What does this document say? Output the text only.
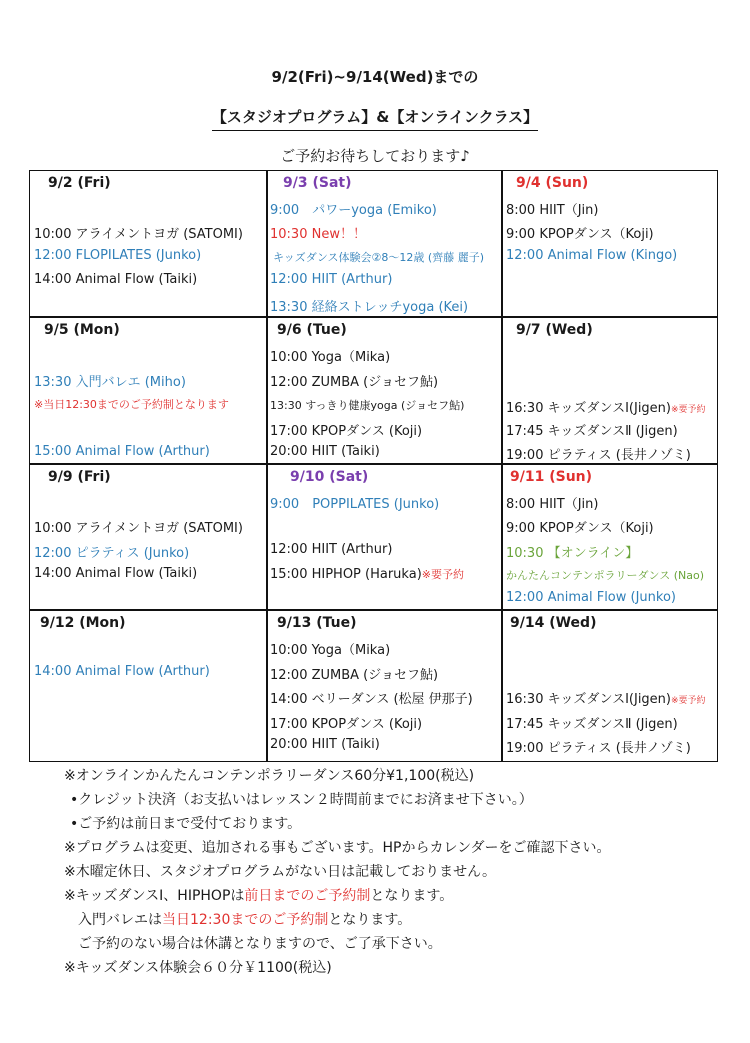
9/2(Fri)~9/14(Wed)までの
【スタジオプログラム】&【オンラインクラス】
ご予約お待ちしております♪
9/2 (Fri)
10:00 アライメントヨガ (SATOMI)
12:00 FLOPILATES (Junko)
14:00 Animal Flow (Taiki)
9/3 (Sat)
9:00　パワーyoga (Emiko)
10:30 New！！
キッズダンス体験会②8～12歳 (齊藤 麗子)
12:00 HIIT (Arthur)
13:30 経絡ストレッチyoga (Kei)
9/4 (Sun)
8:00 HIIT（Jin)
9:00 KPOPダンス（Koji)
12:00 Animal Flow (Kingo)
9/5 (Mon)
13:30 入門バレエ (Miho)
※当日12:30までのご予約制となります
15:00 Animal Flow (Arthur)
9/6 (Tue)
10:00 Yoga（Mika)
12:00 ZUMBA (ジョセフ鮎)
13:30 すっきり健康yoga (ジョセフ鮎)
17:00 KPOPダンス (Koji)
20:00 HIIT (Taiki)
9/7 (Wed)
16:30 キッズダンスⅠ(Jigen)※要予約
17:45 キッズダンスⅡ (Jigen)
19:00 ピラティス (長井ノゾミ)
9/9 (Fri)
10:00 アライメントヨガ (SATOMI)
12:00 ピラティス (Junko)
14:00 Animal Flow (Taiki)
9/10 (Sat)
9:00　POPPILATES (Junko)
12:00 HIIT (Arthur)
15:00 HIPHOP (Haruka)※要予約
9/11 (Sun)
8:00 HIIT（Jin)
9:00 KPOPダンス（Koji)
10:30 【オンライン】
かんたんコンテンポラリーダンス (Nao)
12:00 Animal Flow (Junko)
9/12 (Mon)
14:00 Animal Flow (Arthur)
9/13 (Tue)
10:00 Yoga（Mika)
12:00 ZUMBA (ジョセフ鮎)
14:00 ベリーダンス (松屋 伊那子)
17:00 KPOPダンス (Koji)
20:00 HIIT (Taiki)
9/14 (Wed)
16:30 キッズダンスⅠ(Jigen)※要予約
17:45 キッズダンスⅡ (Jigen)
19:00 ピラティス (長井ノゾミ)
※オンラインかんたんコンテンポラリーダンス60分¥1,100(税込)
•クレジット決済（お支払いはレッスン２時間前までにお済ませ下さい。）
•ご予約は前日まで受付ております。
※プログラムは変更、追加される事もございます。HPからカレンダーをご確認下さい。
※木曜定休日、スタジオプログラムがない日は記載しておりません。
※キッズダンスⅠ、HIPHOPは前日までのご予約制となります。
入門バレエは当日12:30までのご予約制となります。
ご予約のない場合は休講となりますので、ご了承下さい。
※キッズダンス体験会６０分￥1100(税込)
